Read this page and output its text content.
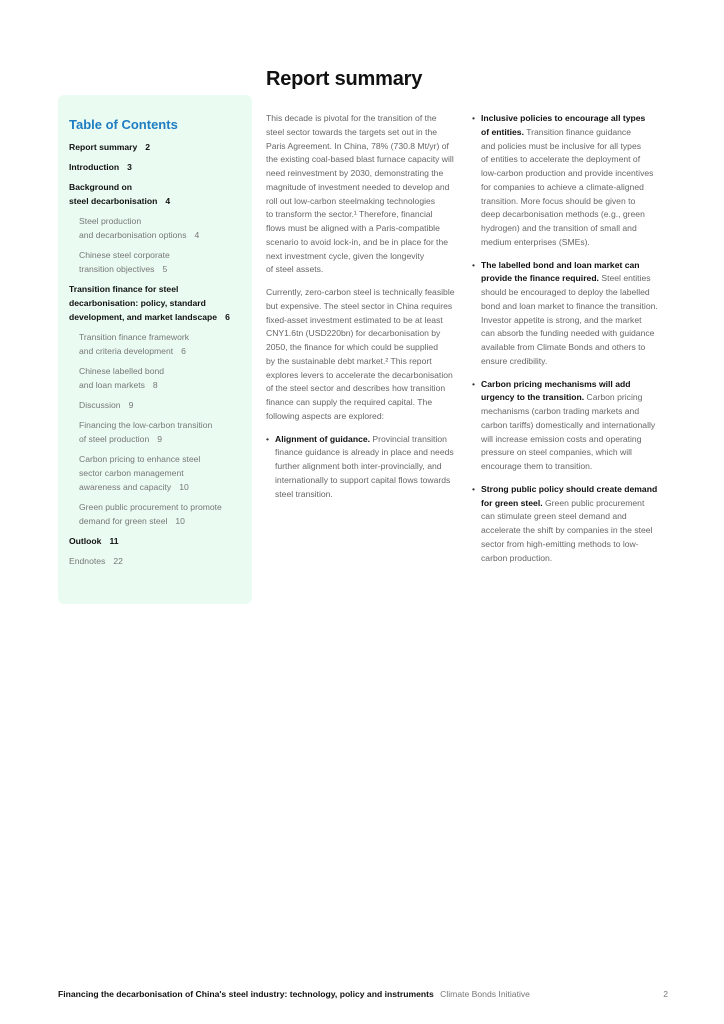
Report summary
Table of Contents
Report summary 2
Introduction 3
Background on
steel decarbonisation 4
Steel production
and decarbonisation options 4
Chinese steel corporate
transition objectives 5
Transition finance for steel
decarbonisation: policy, standard
development, and market landscape 6
Transition finance framework
and criteria development 6
Chinese labelled bond
and loan markets 8
Discussion 9
Financing the low-carbon transition
of steel production 9
Carbon pricing to enhance steel
sector carbon management
awareness and capacity 10
Green public procurement to promote
demand for green steel 10
Outlook 11
Endnotes 22

This decade is pivotal for the transition of the
steel sector towards the targets set out in the
Paris Agreement. In China, 78% (730.8 Mt/yr) of
the existing coal-based blast furnace capacity will
need reinvestment by 2030, demonstrating the
magnitude of investment needed to develop and
roll out low-carbon steelmaking technologies
to transform the sector.¹ Therefore, financial
flows must be aligned with a Paris-compatible
scenario to avoid lock-in, and be in place for the
next investment cycle, given the longevity
of steel assets.

Currently, zero-carbon steel is technically feasible
but expensive. The steel sector in China requires
fixed-asset investment estimated to be at least
CNY1.6tn (USD220bn) for decarbonisation by
2050, the finance for which could be supplied
by the sustainable debt market.² This report
explores levers to accelerate the decarbonisation
of the steel sector and describes how transition
finance can supply the required capital. The
following aspects are explored:

• Alignment of guidance. Provincial transition
finance guidance is already in place and needs
further alignment both inter-provincially, and
internationally to support capital flows towards
steel transition.
• Inclusive policies to encourage all types
of entities. Transition finance guidance
and policies must be inclusive for all types
of entities to accelerate the deployment of
low-carbon production and provide incentives
for companies to achieve a climate-aligned
transition. More focus should be given to
deep decarbonisation methods (e.g., green
hydrogen) and the transition of small and
medium enterprises (SMEs).
• The labelled bond and loan market can
provide the finance required. Steel entities
should be encouraged to deploy the labelled
bond and loan market to finance the transition.
Investor appetite is strong, and the market
can absorb the funding needed with guidance
available from Climate Bonds and others to
ensure credibility.
• Carbon pricing mechanisms will add
urgency to the transition. Carbon pricing
mechanisms (carbon trading markets and
carbon tariffs) domestically and internationally
will increase emission costs and operating
pressure on steel companies, which will
encourage them to transition.
• Strong public policy should create demand
for green steel. Green public procurement
can stimulate green steel demand and
accelerate the shift by companies in the steel
sector from high-emitting methods to low-
carbon production.
Financing the decarbonisation of China's steel industry: technology, policy and instruments Climate Bonds Initiative	2
